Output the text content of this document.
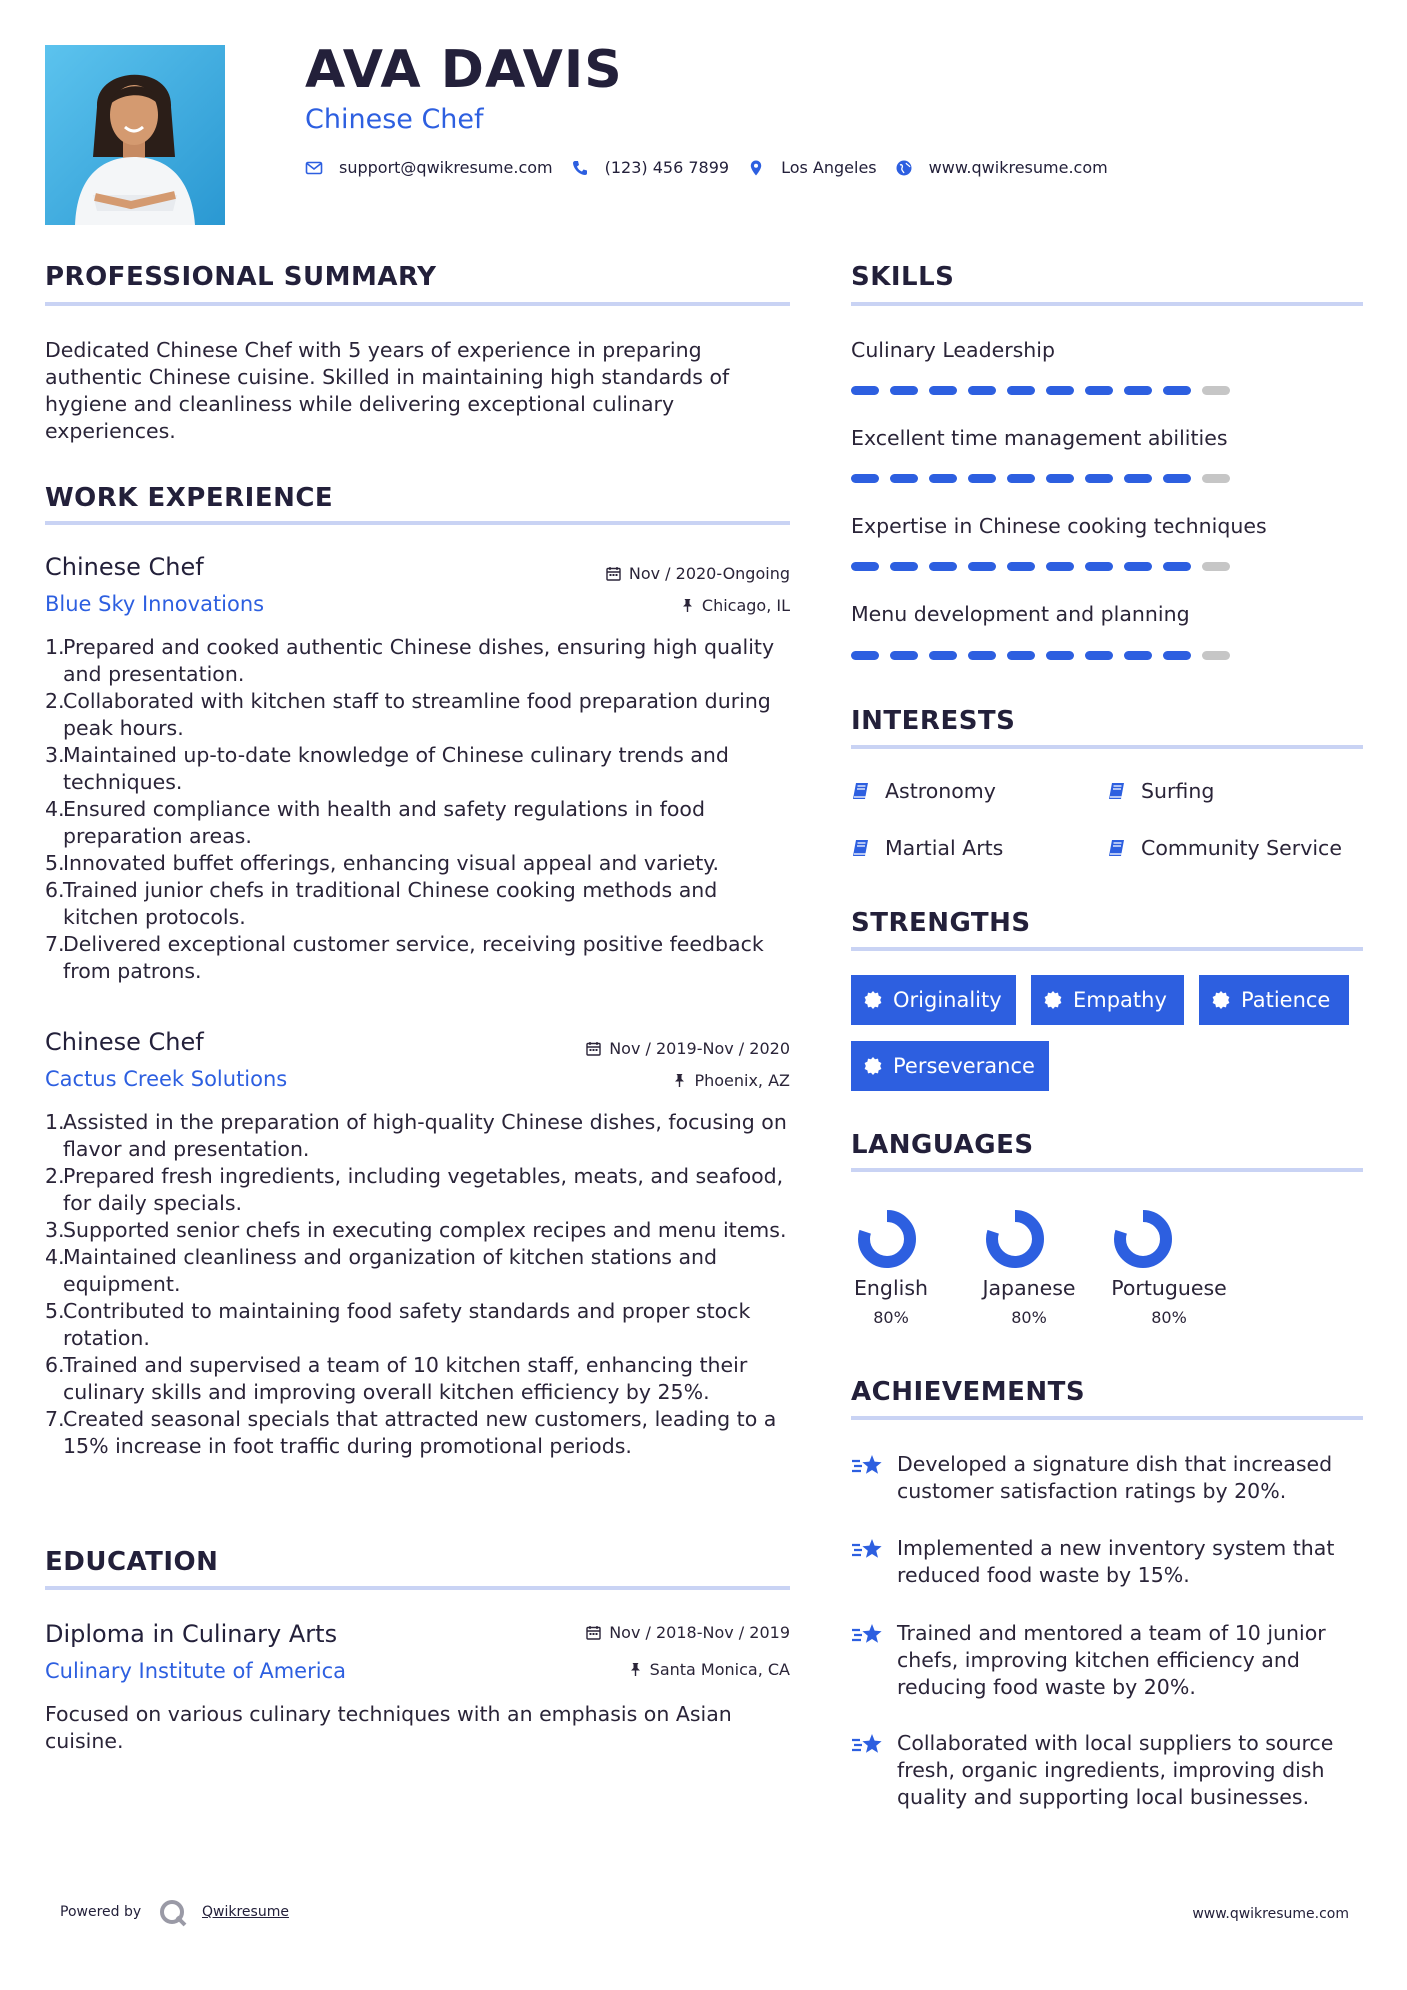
AVA DAVIS
Chinese Chef
support@qwikresume.com	(123) 456 7899	Los Angeles	www.qwikresume.com
PROFESSIONAL SUMMARY
Dedicated Chinese Chef with 5 years of experience in preparing authentic Chinese cuisine. Skilled in maintaining high standards of hygiene and cleanliness while delivering exceptional culinary experiences.
WORK EXPERIENCE
Chinese Chef	Nov / 2020-Ongoing
Blue Sky Innovations	Chicago, IL
1.
Prepared and cooked authentic Chinese dishes, ensuring high quality and presentation.
2.
Collaborated with kitchen staff to streamline food preparation during peak hours.
3.
Maintained up-to-date knowledge of Chinese culinary trends and techniques.
4.
Ensured compliance with health and safety regulations in food preparation areas.
5.
Innovated buffet offerings, enhancing visual appeal and variety.
6.
Trained junior chefs in traditional Chinese cooking methods and kitchen protocols.
7.
Delivered exceptional customer service, receiving positive feedback from patrons.
Chinese Chef	Nov / 2019-Nov / 2020
Cactus Creek Solutions	Phoenix, AZ
1.
Assisted in the preparation of high-quality Chinese dishes, focusing on flavor and presentation.
2.
Prepared fresh ingredients, including vegetables, meats, and seafood, for daily specials.
3.
Supported senior chefs in executing complex recipes and menu items.
4.
Maintained cleanliness and organization of kitchen stations and equipment.
5.
Contributed to maintaining food safety standards and proper stock rotation.
6.
Trained and supervised a team of 10 kitchen staff, enhancing their culinary skills and improving overall kitchen efficiency by 25%.
7.
Created seasonal specials that attracted new customers, leading to a 15% increase in foot traffic during promotional periods.
EDUCATION
Diploma in Culinary Arts	Nov / 2018-Nov / 2019
Culinary Institute of America	Santa Monica, CA
Focused on various culinary techniques with an emphasis on Asian cuisine.
SKILLS
Culinary Leadership
Excellent time management abilities
Expertise in Chinese cooking techniques
Menu development and planning
INTERESTS
Astronomy	Surfing
Martial Arts	Community Service
STRENGTHS
Originality	Empathy	Patience
Perseverance
LANGUAGES
English
80%
Japanese
80%
Portuguese
80%
ACHIEVEMENTS
Developed a signature dish that increased customer satisfaction ratings by 20%.
Implemented a new inventory system that reduced food waste by 15%.
Trained and mentored a team of 10 junior chefs, improving kitchen efficiency and reducing food waste by 20%.
Collaborated with local suppliers to source fresh, organic ingredients, improving dish quality and supporting local businesses.
Powered by	Qwikresume	www.qwikresume.com
